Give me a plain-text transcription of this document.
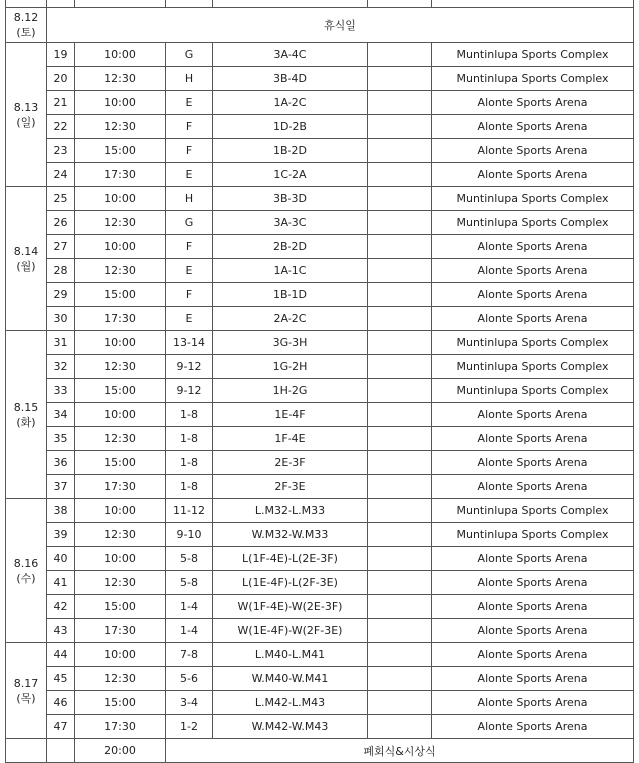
8.12
(토)	휴식일					
8.13
(일)	19	10:00	G	3A-4C		Muntinlupa Sports Complex
	20	12:30	H	3B-4D		Muntinlupa Sports Complex
	21	10:00	E	1A-2C		Alonte Sports Arena
	22	12:30	F	1D-2B		Alonte Sports Arena
	23	15:00	F	1B-2D		Alonte Sports Arena
	24	17:30	E	1C-2A		Alonte Sports Arena
8.14
(월)	25	10:00	H	3B-3D		Muntinlupa Sports Complex
	26	12:30	G	3A-3C		Muntinlupa Sports Complex
	27	10:00	F	2B-2D		Alonte Sports Arena
	28	12:30	E	1A-1C		Alonte Sports Arena
	29	15:00	F	1B-1D		Alonte Sports Arena
	30	17:30	E	2A-2C		Alonte Sports Arena
8.15
(화)	31	10:00	13-14	3G-3H		Muntinlupa Sports Complex
	32	12:30	9-12	1G-2H		Muntinlupa Sports Complex
	33	15:00	9-12	1H-2G		Muntinlupa Sports Complex
	34	10:00	1-8	1E-4F		Alonte Sports Arena
	35	12:30	1-8	1F-4E		Alonte Sports Arena
	36	15:00	1-8	2E-3F		Alonte Sports Arena
	37	17:30	1-8	2F-3E		Alonte Sports Arena
8.16
(수)	38	10:00	11-12	L.M32-L.M33		Muntinlupa Sports Complex
	39	12:30	9-10	W.M32-W.M33		Muntinlupa Sports Complex
	40	10:00	5-8	L(1F-4E)-L(2E-3F)		Alonte Sports Arena
	41	12:30	5-8	L(1E-4F)-L(2F-3E)		Alonte Sports Arena
	42	15:00	1-4	W(1F-4E)-W(2E-3F)		Alonte Sports Arena
	43	17:30	1-4	W(1E-4F)-W(2F-3E)		Alonte Sports Arena
8.17
(목)	44	10:00	7-8	L.M40-L.M41		Alonte Sports Arena
	45	12:30	5-6	W.M40-W.M41		Alonte Sports Arena
	46	15:00	3-4	L.M42-L.M43		Alonte Sports Arena
	47	17:30	1-2	W.M42-W.M43		Alonte Sports Arena
		20:00	폐회식&시상식			
